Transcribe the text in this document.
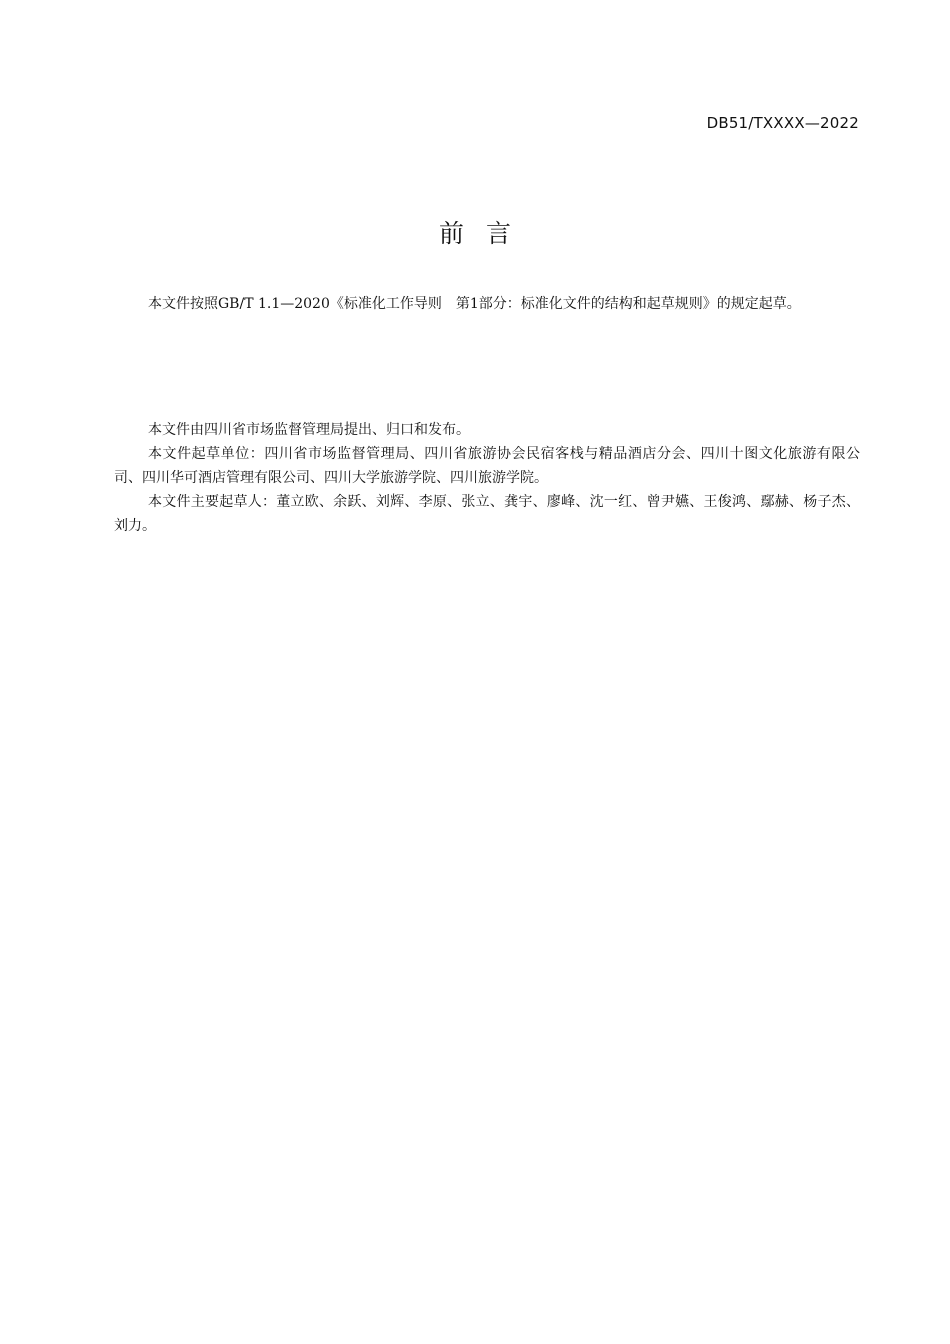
DB51/TXXXX—2022
前言

本文件按照GB/T 1.1—2020《标准化工作导则　第1部分：标准化文件的结构和起草规则》的规定起草。

本文件由四川省市场监督管理局提出、归口和发布。

本文件起草单位：四川省市场监督管理局、四川省旅游协会民宿客栈与精品酒店分会、四川十图文化旅游有限公司、四川华可酒店管理有限公司、四川大学旅游学院、四川旅游学院。

本文件主要起草人：董立欧、余跃、刘辉、李原、张立、龚宇、廖峰、沈一红、曾尹嬿、王俊鸿、鄢赫、杨子杰、刘力。
